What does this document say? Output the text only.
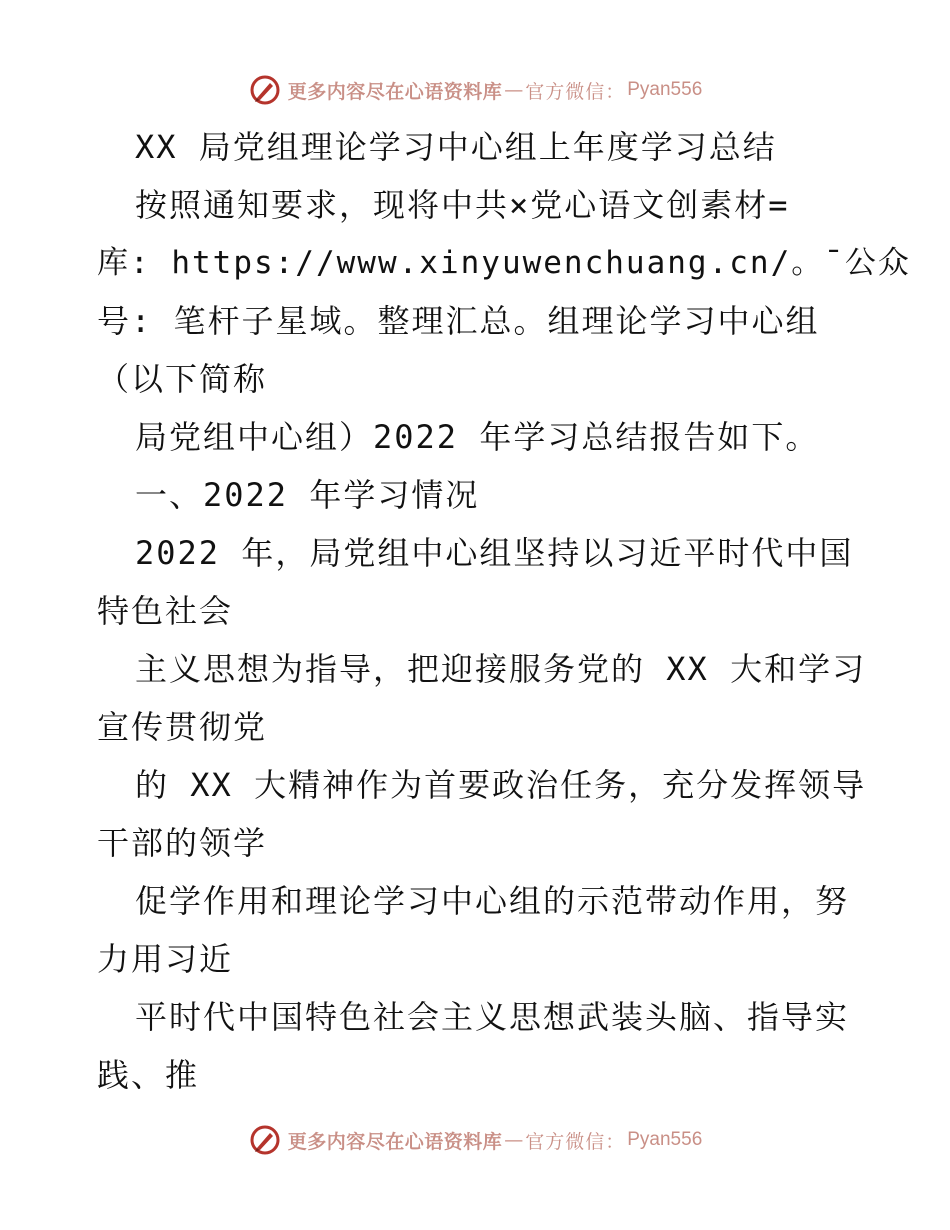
更多内容尽在心语资料库 — 官方微信： Pyan556
XX 局党组理论学习中心组上年度学习总结
按照通知要求，现将中共×党心语文创素材=
库: https://www.xinyuwenchuang.cn/。¯公众
号: 笔杆子星域。整理汇总。组理论学习中心组
（以下简称
局党组中心组）2022 年学习总结报告如下。
一、2022 年学习情况
2022 年，局党组中心组坚持以习近平时代中国
特色社会
主义思想为指导，把迎接服务党的 XX 大和学习
宣传贯彻党
的 XX 大精神作为首要政治任务，充分发挥领导
干部的领学
促学作用和理论学习中心组的示范带动作用，努
力用习近
平时代中国特色社会主义思想武装头脑、指导实
践、推
更多内容尽在心语资料库 — 官方微信： Pyan556
